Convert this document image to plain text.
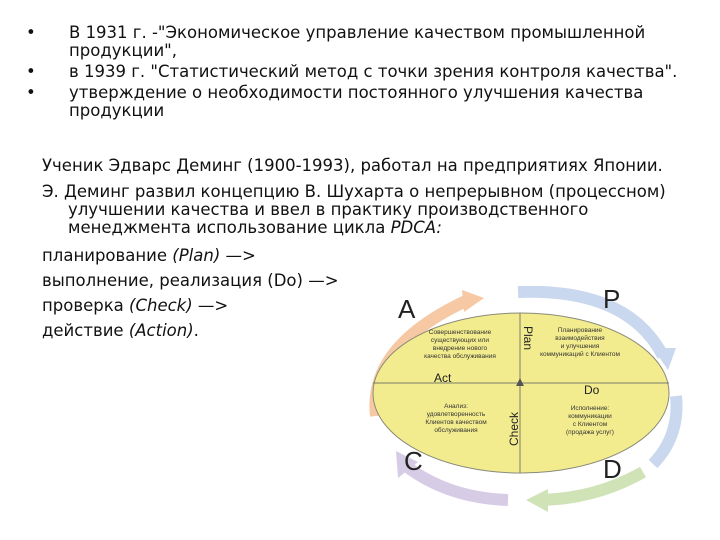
• В 1931 г. -"Экономическое управление качеством промышленной продукции",
• в 1939 г. "Статистический метод с точки зрения контроля качества".
• утверждение о необходимости постоянного улучшения качества продукции
Ученик Эдварс Деминг (1900-1993), работал на предприятиях Японии.
Э. Деминг развил концепцию В. Шухарта о непрерывном (процессном)
улучшении качества и ввел в практику производственного менеджмента использование цикла PDCA:
планирование (Plan) —>
выполнение, реализация (Do) —>
проверка (Check) —>
действие (Action).
A	P
C	D
Act
Do
Plan
Check
Совершенствование
существующих или
внедрение нового
качества обслуживания
Планирование
взаимодействия
и улучшения
коммуникаций с Клиентом
Анализ:
удовлетворенность
Клиентов качеством
обслуживания
Исполнение:
коммуникации
с Клиентом
(продажа услуг)
